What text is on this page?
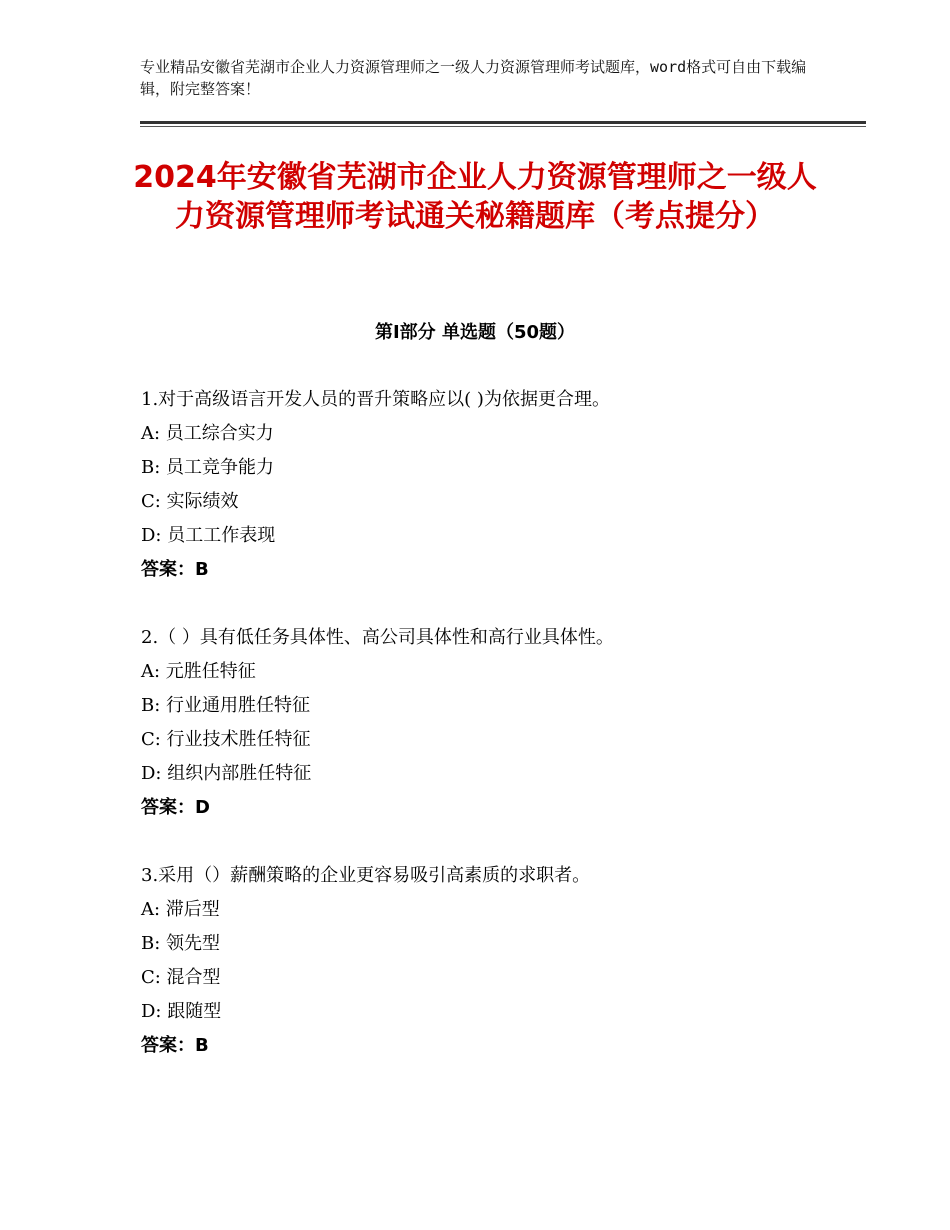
专业精品安徽省芜湖市企业人力资源管理师之一级人力资源管理师考试题库，word格式可自由下载编辑，附完整答案！
2024年安徽省芜湖市企业人力资源管理师之一级人力资源管理师考试通关秘籍题库（考点提分）
第Ⅰ部分 单选题（50题）
1.对于高级语言开发人员的晋升策略应以( )为依据更合理。
A: 员工综合实力
B: 员工竞争能力
C: 实际绩效
D: 员工工作表现
答案：B
2.（ ）具有低任务具体性、高公司具体性和高行业具体性。
A: 元胜任特征
B: 行业通用胜任特征
C: 行业技术胜任特征
D: 组织内部胜任特征
答案：D
3.采用（）薪酬策略的企业更容易吸引高素质的求职者。
A: 滞后型
B: 领先型
C: 混合型
D: 跟随型
答案：B
